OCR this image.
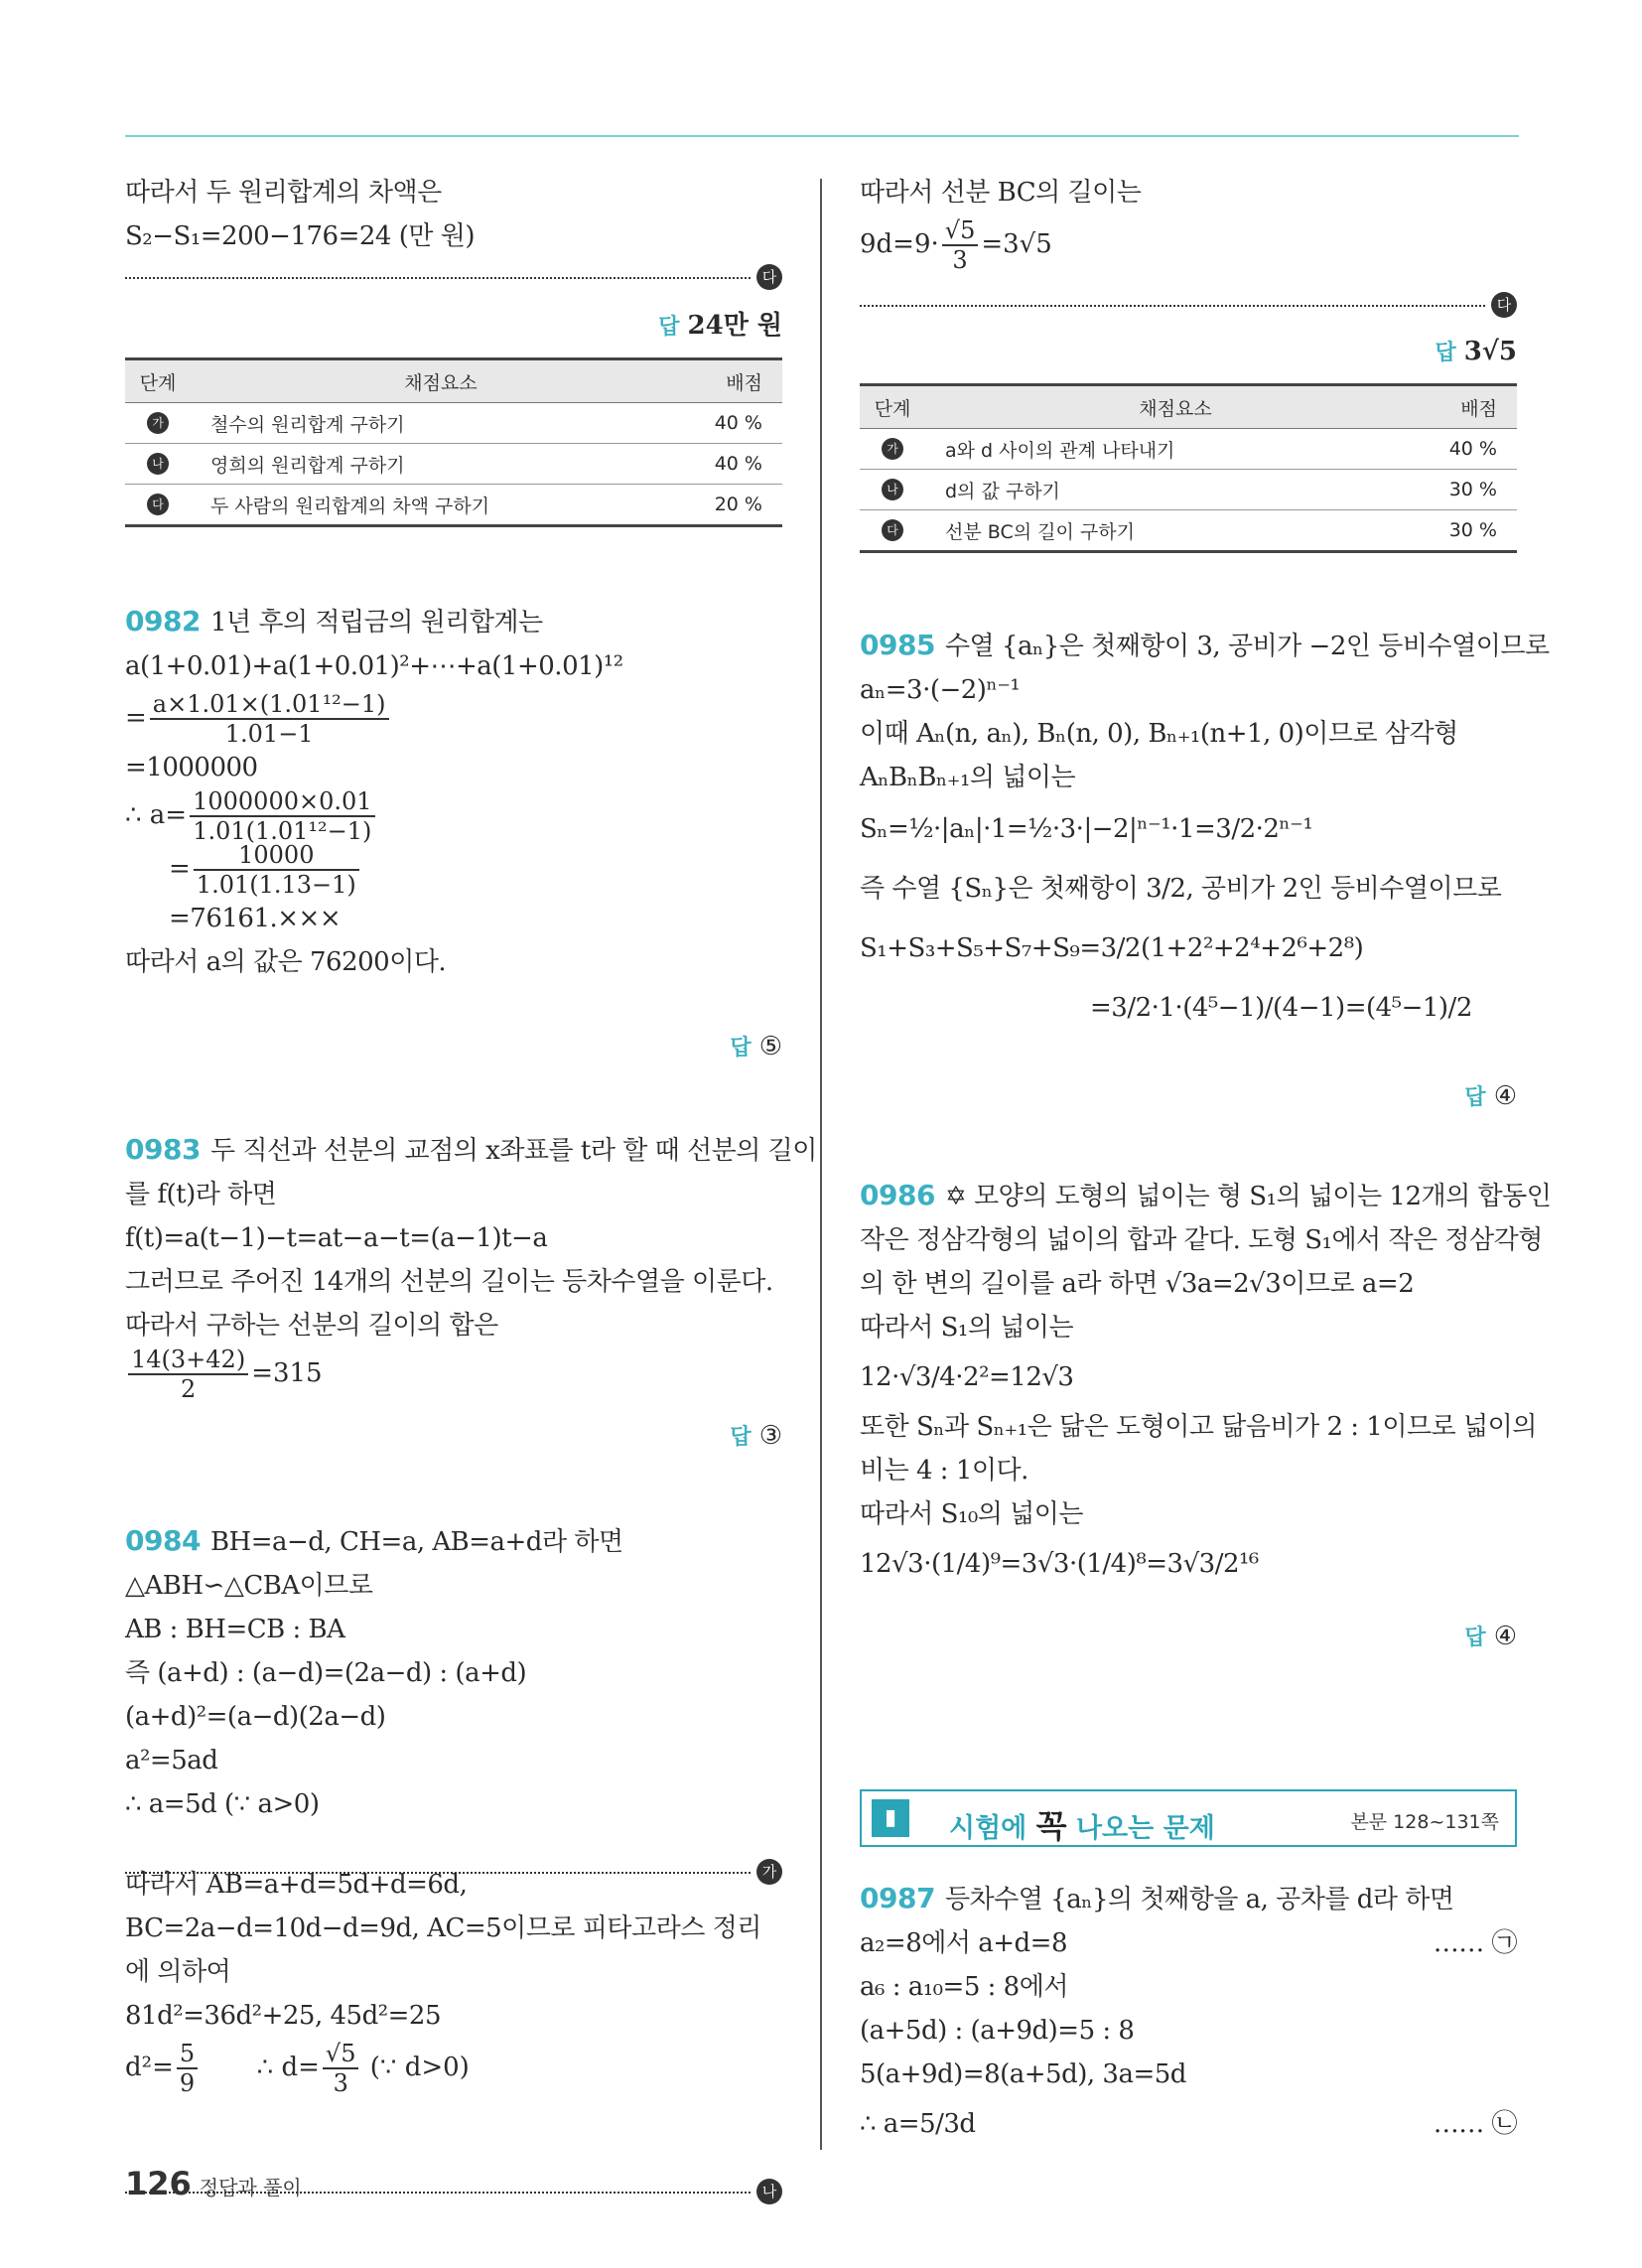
따라서 두 원리합계의 차액은
S₂−S₁=200−176=24 (만 원)
다
답 24만 원
단계	채점요소	배점
가	철수의 원리합계 구하기	40 %
나	영희의 원리합계 구하기	40 %
다	두 사람의 원리합계의 차액 구하기	20 %
0982 1년 후의 적립금의 원리합계는
a(1+0.01)+a(1+0.01)²+⋯+a(1+0.01)¹²
= $\frac{\text{a×1.01×(1.01¹²−1)}}{1.01-1}$
=1000000
∴ $a= \frac{1000000\times 0.01}{\text{1.01(1.01¹²−1)}}$
= $\frac{10000}{1.01(1.13-1)}$
=76161.×××
따라서 a의 값은 76200이다.
답 ⑤
0983 두 직선과 선분의 교점의 x좌표를 t라 할 때 선분의 길이
를 f(t)라 하면
f(t)=a(t−1)−t=at−a−t=(a−1)t−a
그러므로 주어진 14개의 선분의 길이는 등차수열을 이룬다.
따라서 구하는 선분의 길이의 합은
$\frac{14(3+42)}{2} =315$
답 ③
0984 BH=a−d, CH=a, AB=a+d라 하면
△ABH∽△CBA이므로
AB : BH=CB : BA
즉 (a+d) : (a−d)=(2a−d) : (a+d)
(a+d)²=(a−d)(2a−d)
a²=5ad
∴ a=5d (∵ a>0)
가
따라서 AB=a+d=5d+d=6d,
BC=2a−d=10d−d=9d, AC=5이므로 피타고라스 정리
에 의하여
81d²=36d²+25, 45d²=25
$d^2= \frac{5}{9}$ ∴ $d= \frac{√5}{3}$ (∵ d>0)
나
따라서 선분 BC의 길이는
$9d=9\cdot \frac{√5}{3} =3√5$
다
답 3√5
단계	채점요소	배점
가	a와 d 사이의 관계 나타내기	40 %
나	d의 값 구하기	30 %
다	선분 BC의 길이 구하기	30 %
0985 수열 {aₙ}은 첫째항이 3, 공비가 −2인 등비수열이므로
aₙ=3·(−2)ⁿ⁻¹
이때 Aₙ(n, aₙ), Bₙ(n, 0), Bₙ₊₁(n+1, 0)이므로 삼각형
AₙBₙBₙ₊₁의 넓이는
Sₙ=½·|aₙ|·1=½·3·|−2|ⁿ⁻¹·1=3/2·2ⁿ⁻¹
즉 수열 {Sₙ}은 첫째항이 3/2, 공비가 2인 등비수열이므로
S₁+S₃+S₅+S₇+S₉=3/2(1+2²+2⁴+2⁶+2⁸)
=3/2·1·(4⁵−1)/(4−1)=(4⁵−1)/2
답 ④
0986 ✡ 모양의 도형의 넓이는 형 S₁의 넓이는 12개의 합동인
작은 정삼각형의 넓이의 합과 같다. 도형 S₁에서 작은 정삼각형
의 한 변의 길이를 a라 하면 √3a=2√3이므로 a=2
따라서 S₁의 넓이는
12·√3/4·2²=12√3
또한 Sₙ과 Sₙ₊₁은 닮은 도형이고 닮음비가 2 : 1이므로 넓이의
비는 4 : 1이다.
따라서 S₁₀의 넓이는
12√3·(1/4)⁹=3√3·(1/4)⁸=3√3/2¹⁶
답 ④
0987 등차수열 {aₙ}의 첫째항을 a, 공차를 d라 하면
a₂=8에서 a+d=8	…… ㉠
a₆ : a₁₀=5 : 8에서
(a+5d) : (a+9d)=5 : 8
5(a+9d)=8(a+5d), 3a=5d
∴ a=5/3d	…… ㉡
▮	시험에 꼭 나오는 문제	본문 128~131쪽
126 정답과 풀이
